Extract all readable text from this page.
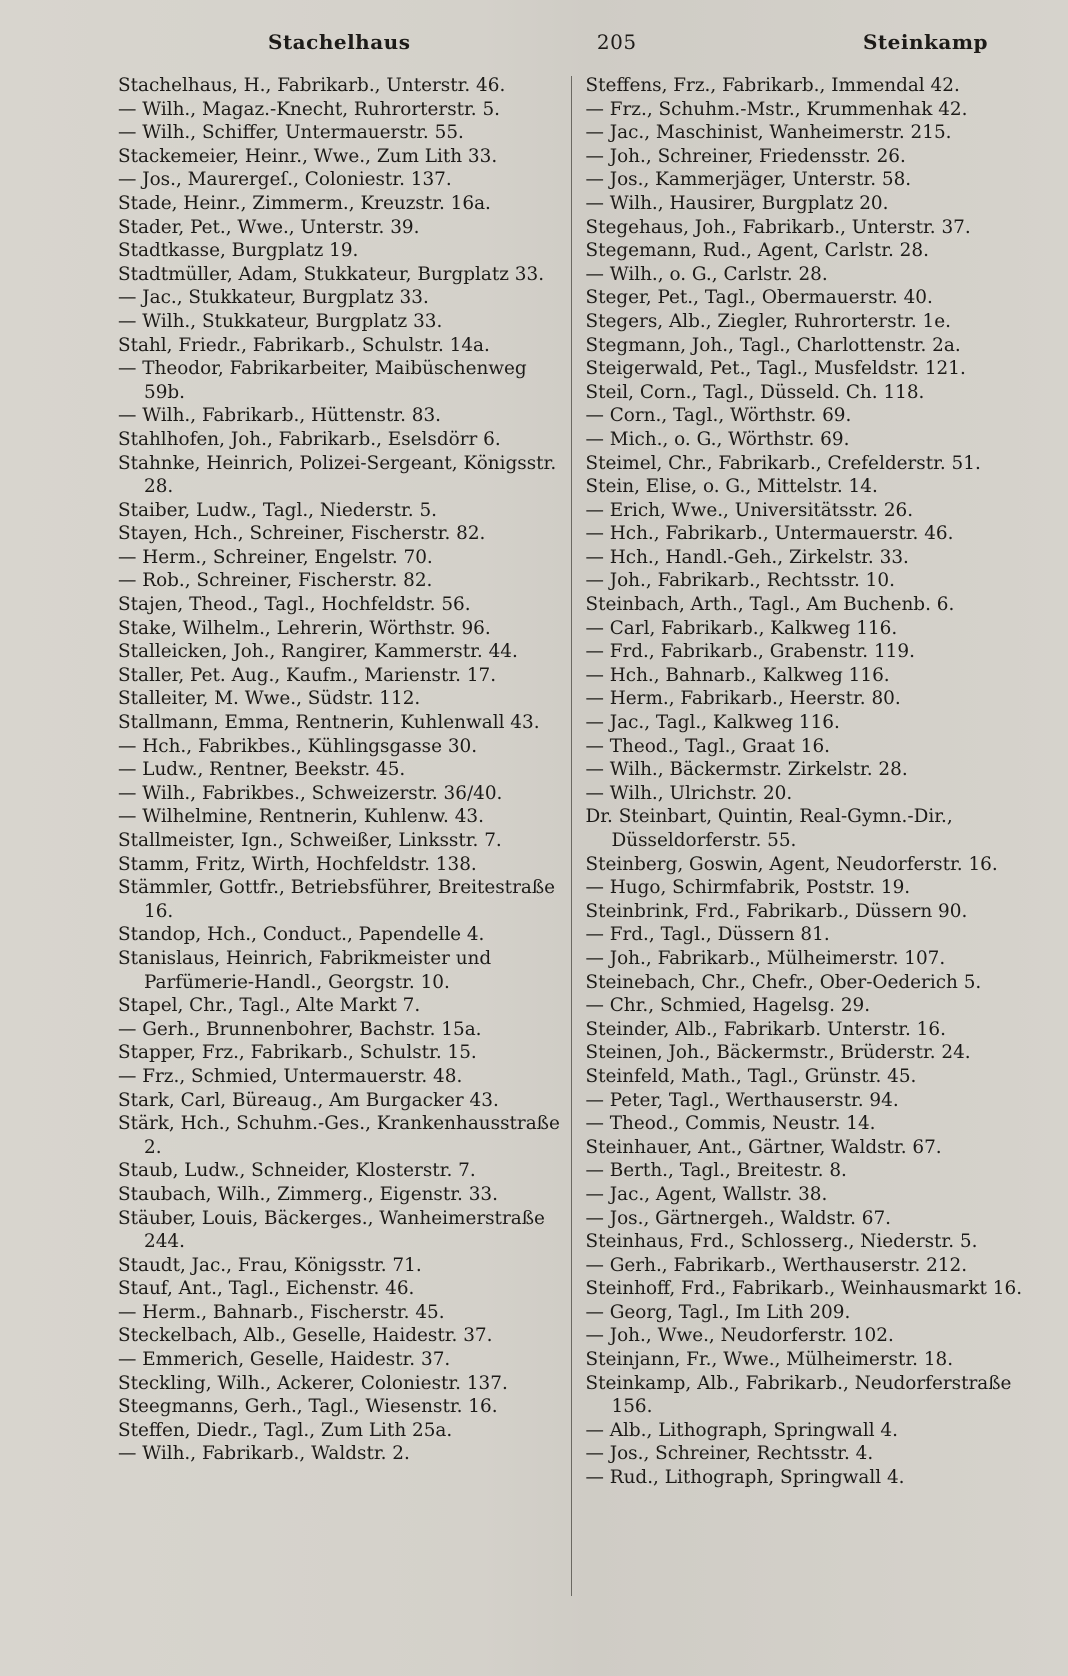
Stachelhaus	205	Steinkamp
Stachelhaus, H., Fabrikarb., Unterstr. 46.
— Wilh., Magaz.-Knecht, Ruhrorterstr. 5.
— Wilh., Schiffer, Untermauerstr. 55.
Stackemeier, Heinr., Wwe., Zum Lith 33.
— Jos., Maurergeſ., Coloniestr. 137.
Stade, Heinr., Zimmerm., Kreuzstr. 16a.
Stader, Pet., Wwe., Unterstr. 39.
Stadtkasse, Burgplatz 19.
Stadtmüller, Adam, Stukkateur, Burgplatz 33.
— Jac., Stukkateur, Burgplatz 33.
— Wilh., Stukkateur, Burgplatz 33.
Stahl, Friedr., Fabrikarb., Schulstr. 14a.
— Theodor, Fabrikarbeiter, Maibüschenweg 59b.
— Wilh., Fabrikarb., Hüttenstr. 83.
Stahlhofen, Joh., Fabrikarb., Eselsdörr 6.
Stahnke, Heinrich, Polizei-Sergeant, Königsstr. 28.
Staiber, Ludw., Tagl., Niederstr. 5.
Stayen, Hch., Schreiner, Fischerstr. 82.
— Herm., Schreiner, Engelstr. 70.
— Rob., Schreiner, Fischerstr. 82.
Stajen, Theod., Tagl., Hochfeldstr. 56.
Stake, Wilhelm., Lehrerin, Wörthstr. 96.
Stalleicken, Joh., Rangirer, Kammerstr. 44.
Staller, Pet. Aug., Kaufm., Marienstr. 17.
Stalleiter, M. Wwe., Südstr. 112.
Stallmann, Emma, Rentnerin, Kuhlenwall 43.
— Hch., Fabrikbes., Kühlingsgasse 30.
— Ludw., Rentner, Beekstr. 45.
— Wilh., Fabrikbes., Schweizerstr. 36/40.
— Wilhelmine, Rentnerin, Kuhlenw. 43.
Stallmeister, Ign., Schweißer, Linksstr. 7.
Stamm, Fritz, Wirth, Hochfeldstr. 138.
Stämmler, Gottfr., Betriebsführer, Breitestraße 16.
Standop, Hch., Conduct., Papendelle 4.
Stanislaus, Heinrich, Fabrikmeister und Parfümerie-Handl., Georgstr. 10.
Stapel, Chr., Tagl., Alte Markt 7.
— Gerh., Brunnenbohrer, Bachstr. 15a.
Stapper, Frz., Fabrikarb., Schulstr. 15.
— Frz., Schmied, Untermauerstr. 48.
Stark, Carl, Büreaug., Am Burgacker 43.
Stärk, Hch., Schuhm.-Ges., Krankenhausstraße 2.
Staub, Ludw., Schneider, Klosterstr. 7.
Staubach, Wilh., Zimmerg., Eigenstr. 33.
Stäuber, Louis, Bäckerges., Wanheimerstraße 244.
Staudt, Jac., Frau, Königsstr. 71.
Stauf, Ant., Tagl., Eichenstr. 46.
— Herm., Bahnarb., Fischerstr. 45.
Steckelbach, Alb., Geselle, Haidestr. 37.
— Emmerich, Geselle, Haidestr. 37.
Steckling, Wilh., Ackerer, Coloniestr. 137.
Steegmanns, Gerh., Tagl., Wiesenstr. 16.
Steffen, Diedr., Tagl., Zum Lith 25a.
— Wilh., Fabrikarb., Waldstr. 2.
Steffens, Frz., Fabrikarb., Immendal 42.
— Frz., Schuhm.-Mstr., Krummenhak 42.
— Jac., Maschinist, Wanheimerstr. 215.
— Joh., Schreiner, Friedensstr. 26.
— Jos., Kammerjäger, Unterstr. 58.
— Wilh., Hausirer, Burgplatz 20.
Stegehaus, Joh., Fabrikarb., Unterstr. 37.
Stegemann, Rud., Agent, Carlstr. 28.
— Wilh., o. G., Carlstr. 28.
Steger, Pet., Tagl., Obermauerstr. 40.
Stegers, Alb., Ziegler, Ruhrorterstr. 1e.
Stegmann, Joh., Tagl., Charlottenstr. 2a.
Steigerwald, Pet., Tagl., Musfeldstr. 121.
Steil, Corn., Tagl., Düsseld. Ch. 118.
— Corn., Tagl., Wörthstr. 69.
— Mich., o. G., Wörthstr. 69.
Steimel, Chr., Fabrikarb., Crefelderstr. 51.
Stein, Elise, o. G., Mittelstr. 14.
— Erich, Wwe., Universitätsstr. 26.
— Hch., Fabrikarb., Untermauerstr. 46.
— Hch., Handl.-Geh., Zirkelstr. 33.
— Joh., Fabrikarb., Rechtsstr. 10.
Steinbach, Arth., Tagl., Am Buchenb. 6.
— Carl, Fabrikarb., Kalkweg 116.
— Frd., Fabrikarb., Grabenstr. 119.
— Hch., Bahnarb., Kalkweg 116.
— Herm., Fabrikarb., Heerstr. 80.
— Jac., Tagl., Kalkweg 116.
— Theod., Tagl., Graat 16.
— Wilh., Bäckermstr. Zirkelstr. 28.
— Wilh., Ulrichstr. 20.
Dr. Steinbart, Quintin, Real-Gymn.-Dir., Düsseldorferstr. 55.
Steinberg, Goswin, Agent, Neudorferstr. 16.
— Hugo, Schirmfabrik, Poststr. 19.
Steinbrink, Frd., Fabrikarb., Düssern 90.
— Frd., Tagl., Düssern 81.
— Joh., Fabrikarb., Mülheimerstr. 107.
Steinebach, Chr., Chefr., Ober-Oederich 5.
— Chr., Schmied, Hagelsg. 29.
Steinder, Alb., Fabrikarb. Unterstr. 16.
Steinen, Joh., Bäckermstr., Brüderstr. 24.
Steinfeld, Math., Tagl., Grünstr. 45.
— Peter, Tagl., Werthauserstr. 94.
— Theod., Commis, Neustr. 14.
Steinhauer, Ant., Gärtner, Waldstr. 67.
— Berth., Tagl., Breitestr. 8.
— Jac., Agent, Wallstr. 38.
— Jos., Gärtnergeh., Waldstr. 67.
Steinhaus, Frd., Schlosserg., Niederstr. 5.
— Gerh., Fabrikarb., Werthauserstr. 212.
Steinhoff, Frd., Fabrikarb., Weinhausmarkt 16.
— Georg, Tagl., Im Lith 209.
— Joh., Wwe., Neudorferstr. 102.
Steinjann, Fr., Wwe., Mülheimerstr. 18.
Steinkamp, Alb., Fabrikarb., Neudorferstraße 156.
— Alb., Lithograph, Springwall 4.
— Jos., Schreiner, Rechtsstr. 4.
— Rud., Lithograph, Springwall 4.
